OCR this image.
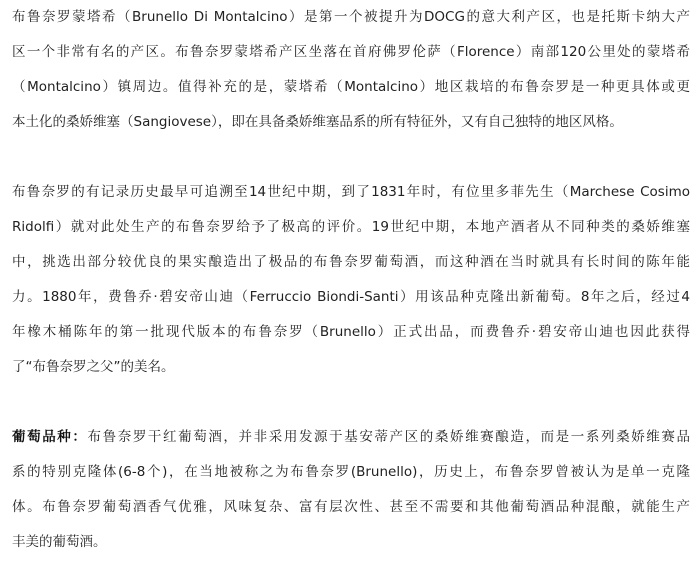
布鲁奈罗蒙塔希（Brunello Di Montalcino）是第一个被提升为DOCG的意大利产区，也是托斯卡纳大产
区一个非常有名的产区。布鲁奈罗蒙塔希产区坐落在首府佛罗伦萨（Florence）南部120公里处的蒙塔希
（Montalcino）镇周边。值得补充的是，蒙塔希（Montalcino）地区栽培的布鲁奈罗是一种更具体或更
本土化的桑娇维塞（Sangiovese），即在具备桑娇维塞品系的所有特征外，又有自己独特的地区风格。
布鲁奈罗的有记录历史最早可追溯至14世纪中期，到了1831年时，有位里多菲先生（Marchese Cosimo
Ridolfi）就对此处生产的布鲁奈罗给予了极高的评价。19世纪中期，本地产酒者从不同种类的桑娇维塞
中，挑选出部分较优良的果实酿造出了极品的布鲁奈罗葡萄酒，而这种酒在当时就具有长时间的陈年能
力。1880年，费鲁乔·碧安帝山迪（Ferruccio Biondi-Santi）用该品种克隆出新葡萄。8年之后，经过4
年橡木桶陈年的第一批现代版本的布鲁奈罗（Brunello）正式出品，而费鲁乔·碧安帝山迪也因此获得
了“布鲁奈罗之父”的美名。
葡萄品种：布鲁奈罗干红葡萄酒，并非采用发源于基安蒂产区的桑娇维赛酿造，而是一系列桑娇维赛品
系的特别克隆体(6-8个)，在当地被称之为布鲁奈罗(Brunello)，历史上，布鲁奈罗曾被认为是单一克隆
体。布鲁奈罗葡萄酒香气优雅，风味复杂、富有层次性、甚至不需要和其他葡萄酒品种混酿，就能生产
丰美的葡萄酒。
